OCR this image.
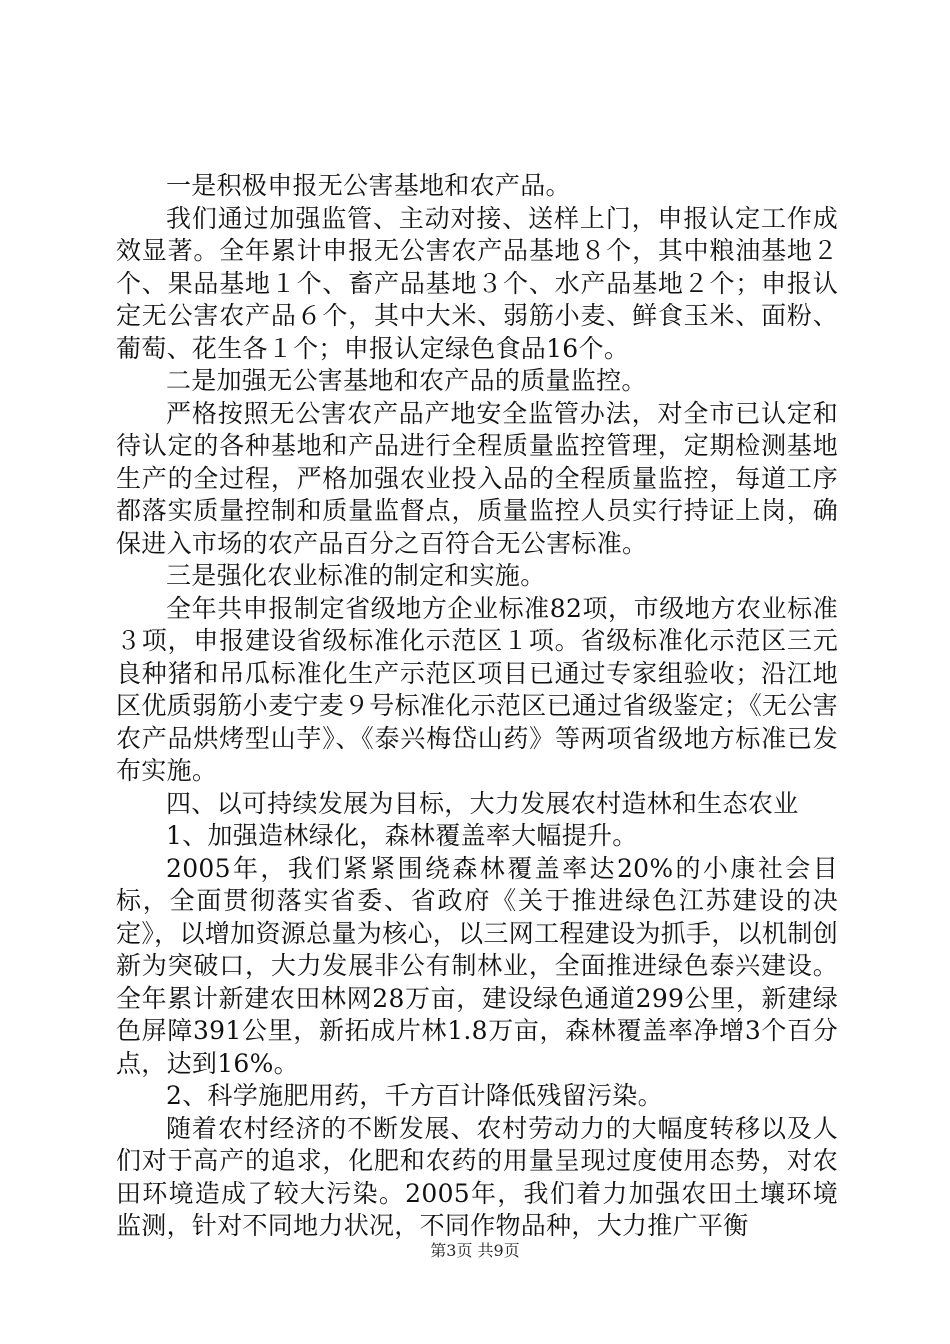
一是积极申报无公害基地和农产品。

我们通过加强监管、主动对接、送样上门，申报认定工作成效显著。全年累计申报无公害农产品基地８个，其中粮油基地２个、果品基地１个、畜产品基地３个、水产品基地２个；申报认定无公害农产品６个，其中大米、弱筋小麦、鲜食玉米、面粉、葡萄、花生各１个；申报认定绿色食品16个。

二是加强无公害基地和农产品的质量监控。

严格按照无公害农产品产地安全监管办法，对全市已认定和待认定的各种基地和产品进行全程质量监控管理，定期检测基地生产的全过程，严格加强农业投入品的全程质量监控，每道工序都落实质量控制和质量监督点，质量监控人员实行持证上岗，确保进入市场的农产品百分之百符合无公害标准。

三是强化农业标准的制定和实施。

全年共申报制定省级地方企业标准82项，市级地方农业标准３项，申报建设省级标准化示范区１项。省级标准化示范区三元良种猪和吊瓜标准化生产示范区项目已通过专家组验收；沿江地区优质弱筋小麦宁麦９号标准化示范区已通过省级鉴定；《无公害农产品烘烤型山芋》、《泰兴梅岱山药》等两项省级地方标准已发布实施。

四、以可持续发展为目标，大力发展农村造林和生态农业

1、加强造林绿化，森林覆盖率大幅提升。

2005年，我们紧紧围绕森林覆盖率达20%的小康社会目标，全面贯彻落实省委、省政府《关于推进绿色江苏建设的决定》，以增加资源总量为核心，以三网工程建设为抓手，以机制创新为突破口，大力发展非公有制林业，全面推进绿色泰兴建设。全年累计新建农田林网28万亩，建设绿色通道299公里，新建绿色屏障391公里，新拓成片林1.8万亩，森林覆盖率净增3个百分点，达到16%。

2、科学施肥用药，千方百计降低残留污染。

随着农村经济的不断发展、农村劳动力的大幅度转移以及人们对于高产的追求，化肥和农药的用量呈现过度使用态势，对农田环境造成了较大污染。2005年，我们着力加强农田土壤环境监测，针对不同地力状况，不同作物品种，大力推广平衡

第3页 共9页
